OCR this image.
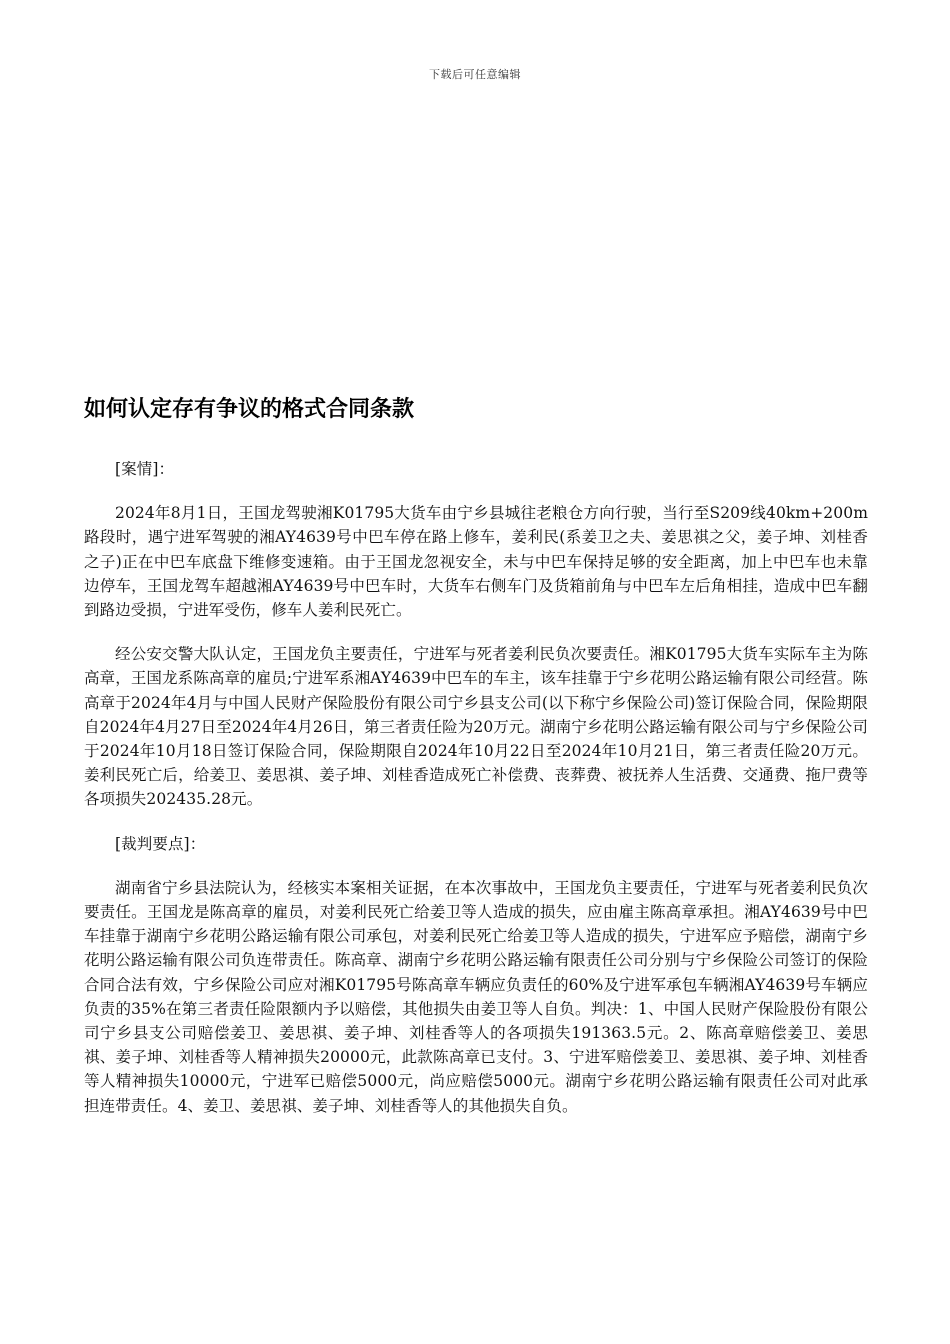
下载后可任意编辑
如何认定存有争议的格式合同条款

[案情]：

2024年8月1日，王国龙驾驶湘K01795大货车由宁乡县城往老粮仓方向行驶，当行至S209线40km+200m路段时，遇宁进军驾驶的湘AY4639号中巴车停在路上修车，姜利民(系姜卫之夫、姜思祺之父，姜子坤、刘桂香之子)正在中巴车底盘下维修变速箱。由于王国龙忽视安全，未与中巴车保持足够的安全距离，加上中巴车也未靠边停车，王国龙驾车超越湘AY4639号中巴车时，大货车右侧车门及货箱前角与中巴车左后角相挂，造成中巴车翻到路边受损，宁进军受伤，修车人姜利民死亡。

经公安交警大队认定，王国龙负主要责任，宁进军与死者姜利民负次要责任。湘K01795大货车实际车主为陈高章，王国龙系陈高章的雇员;宁进军系湘AY4639中巴车的车主，该车挂靠于宁乡花明公路运输有限公司经营。陈高章于2024年4月与中国人民财产保险股份有限公司宁乡县支公司(以下称宁乡保险公司)签订保险合同，保险期限自2024年4月27日至2024年4月26日，第三者责任险为20万元。湖南宁乡花明公路运输有限公司与宁乡保险公司于2024年10月18日签订保险合同，保险期限自2024年10月22日至2024年10月21日，第三者责任险20万元。姜利民死亡后，给姜卫、姜思祺、姜子坤、刘桂香造成死亡补偿费、丧葬费、被抚养人生活费、交通费、拖尸费等各项损失202435.28元。

[裁判要点]：

湖南省宁乡县法院认为，经核实本案相关证据，在本次事故中，王国龙负主要责任，宁进军与死者姜利民负次要责任。王国龙是陈高章的雇员，对姜利民死亡给姜卫等人造成的损失，应由雇主陈高章承担。湘AY4639号中巴车挂靠于湖南宁乡花明公路运输有限公司承包，对姜利民死亡给姜卫等人造成的损失，宁进军应予赔偿，湖南宁乡花明公路运输有限公司负连带责任。陈高章、湖南宁乡花明公路运输有限责任公司分别与宁乡保险公司签订的保险合同合法有效，宁乡保险公司应对湘K01795号陈高章车辆应负责任的60%及宁进军承包车辆湘AY4639号车辆应负责的35%在第三者责任险限额内予以赔偿，其他损失由姜卫等人自负。判决：1、中国人民财产保险股份有限公司宁乡县支公司赔偿姜卫、姜思祺、姜子坤、刘桂香等人的各项损失191363.5元。2、陈高章赔偿姜卫、姜思祺、姜子坤、刘桂香等人精神损失20000元，此款陈高章已支付。3、宁进军赔偿姜卫、姜思祺、姜子坤、刘桂香等人精神损失10000元，宁进军已赔偿5000元，尚应赔偿5000元。湖南宁乡花明公路运输有限责任公司对此承担连带责任。4、姜卫、姜思祺、姜子坤、刘桂香等人的其他损失自负。
